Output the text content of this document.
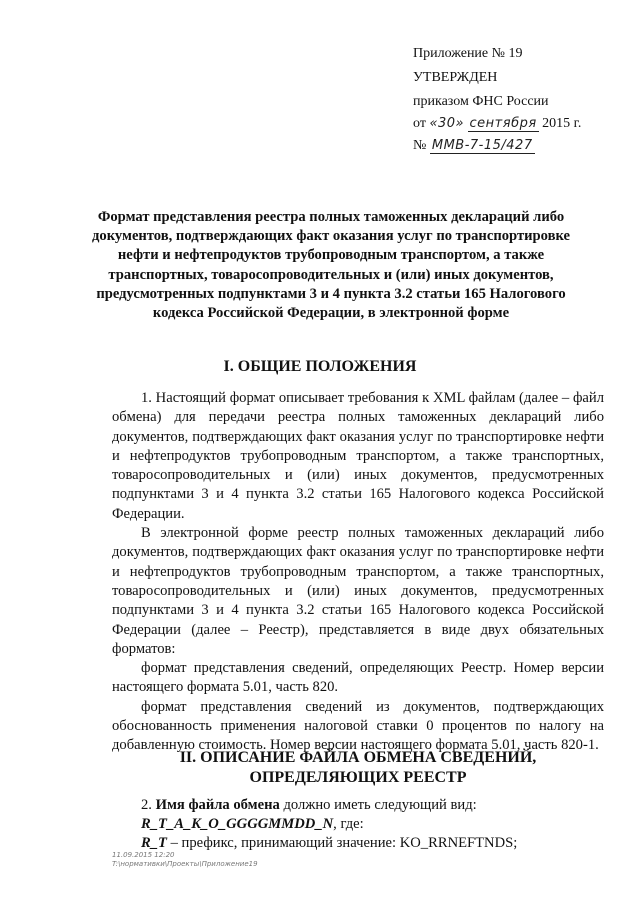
Приложение № 19
УТВЕРЖДЕН
приказом ФНС России
от «30» сентября 2015 г.
№ ММВ-7-15/427
Формат представления реестра полных таможенных деклараций либо документов, подтверждающих факт оказания услуг по транспортировке нефти и нефтепродуктов трубопроводным транспортом, а также транспортных, товаросопроводительных и (или) иных документов, предусмотренных подпунктами 3 и 4 пункта 3.2 статьи 165 Налогового кодекса Российской Федерации, в электронной форме
I. ОБЩИЕ ПОЛОЖЕНИЯ

1. Настоящий формат описывает требования к XML файлам (далее – файл обмена) для передачи реестра полных таможенных деклараций либо документов, подтверждающих факт оказания услуг по транспортировке нефти и нефтепродуктов трубопроводным транспортом, а также транспортных, товаросопроводительных и (или) иных документов, предусмотренных подпунктами 3 и 4 пункта 3.2 статьи 165 Налогового кодекса Российской Федерации.

В электронной форме реестр полных таможенных деклараций либо документов, подтверждающих факт оказания услуг по транспортировке нефти и нефтепродуктов трубопроводным транспортом, а также транспортных, товаросопроводительных и (или) иных документов, предусмотренных подпунктами 3 и 4 пункта 3.2 статьи 165 Налогового кодекса Российской Федерации (далее – Реестр), представляется в виде двух обязательных форматов:

формат представления сведений, определяющих Реестр. Номер версии настоящего формата 5.01, часть 820.

формат представления сведений из документов, подтверждающих обоснованность применения налоговой ставки 0 процентов по налогу на добавленную стоимость. Номер версии настоящего формата 5.01, часть 820-1.

II. ОПИСАНИЕ ФАЙЛА ОБМЕНА СВЕДЕНИЙ, ОПРЕДЕЛЯЮЩИХ РЕЕСТР
2. Имя файла обмена должно иметь следующий вид:
R_T_A_K_O_GGGGMMDD_N, где:
R_T – префикс, принимающий значение: KO_RRNEFTNDS;
11.09.2015 12:20
T:\нормативки\Проекты\Приложение19
